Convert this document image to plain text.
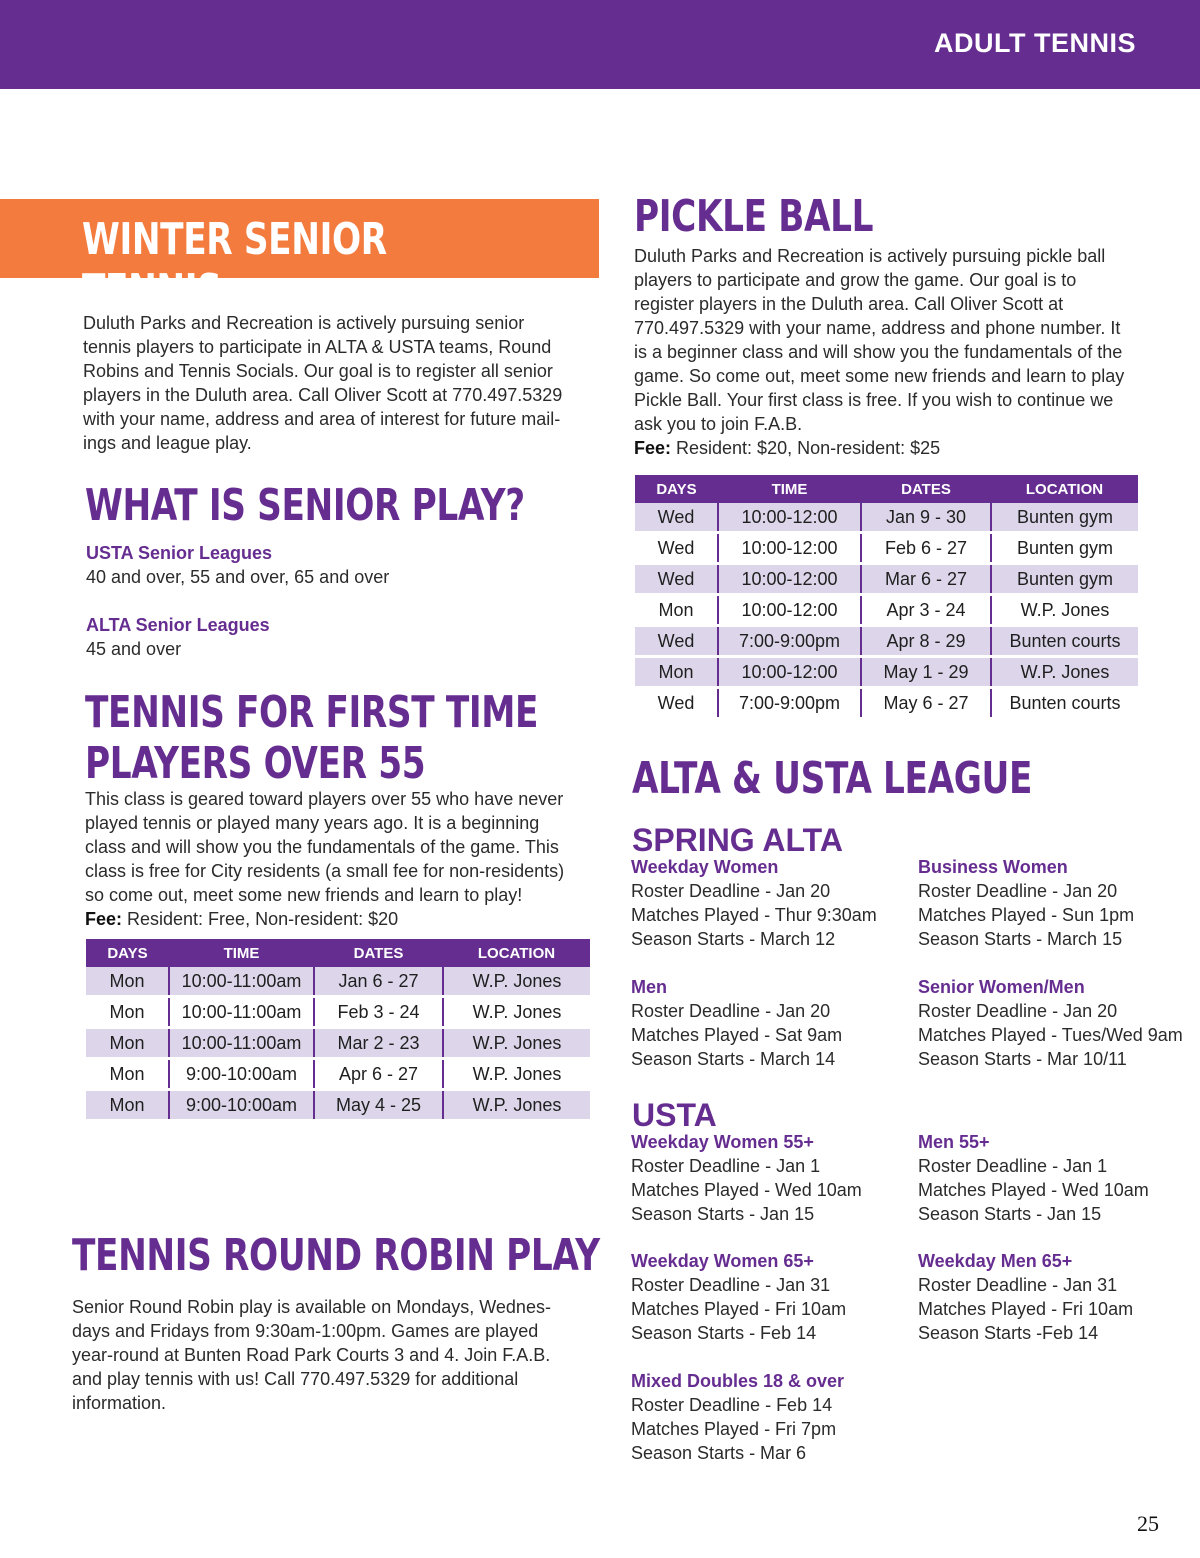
ADULT TENNIS
WINTER SENIOR TENNIS

Duluth Parks and Recreation is actively pursuing senior tennis players to participate in ALTA & USTA teams, Round Robins and Tennis Socials. Our goal is to register all senior players in the Duluth area. Call Oliver Scott at 770.497.5329 with your name, address and area of interest for future mail-ings and league play.

WHAT IS SENIOR PLAY?
USTA Senior Leagues
40 and over, 55 and over, 65 and over
ALTA Senior Leagues
45 and over
TENNIS FOR FIRST TIME
PLAYERS OVER 55

This class is geared toward players over 55 who have never played tennis or played many years ago. It is a beginning class and will show you the fundamentals of the game. This class is free for City residents (a small fee for non-residents) so come out, meet some new friends and learn to play!
Fee: Resident: Free, Non-resident: $20

DAYS	TIME	DATES	LOCATION
Mon	10:00-11:00am	Jan 6 - 27	W.P. Jones
Mon	10:00-11:00am	Feb 3 - 24	W.P. Jones
Mon	10:00-11:00am	Mar 2 - 23	W.P. Jones
Mon	9:00-10:00am	Apr 6 - 27	W.P. Jones
Mon	9:00-10:00am	May 4 - 25	W.P. Jones
TENNIS ROUND ROBIN PLAY

Senior Round Robin play is available on Mondays, Wednes-days and Fridays from 9:30am-1:00pm. Games are played year-round at Bunten Road Park Courts 3 and 4. Join F.A.B. and play tennis with us! Call 770.497.5329 for additional information.

PICKLE BALL

Duluth Parks and Recreation is actively pursuing pickle ball players to participate and grow the game. Our goal is to register players in the Duluth area. Call Oliver Scott at 770.497.5329 with your name, address and phone number. It is a beginner class and will show you the fundamentals of the game. So come out, meet some new friends and learn to play Pickle Ball. Your first class is free. If you wish to continue we ask you to join F.A.B.
Fee: Resident: $20, Non-resident: $25

DAYS	TIME	DATES	LOCATION
Wed	10:00-12:00	Jan 9 - 30	Bunten gym
Wed	10:00-12:00	Feb 6 - 27	Bunten gym
Wed	10:00-12:00	Mar 6 - 27	Bunten gym
Mon	10:00-12:00	Apr 3 - 24	W.P. Jones
Wed	7:00-9:00pm	Apr 8 - 29	Bunten courts
Mon	10:00-12:00	May 1 - 29	W.P. Jones
Wed	7:00-9:00pm	May 6 - 27	Bunten courts
ALTA & USTA LEAGUE
SPRING ALTA
Weekday Women
Roster Deadline - Jan 20
Matches Played - Thur 9:30am
Season Starts - March 12
Business Women
Roster Deadline - Jan 20
Matches Played - Sun 1pm
Season Starts - March 15
Men
Roster Deadline - Jan 20
Matches Played - Sat 9am
Season Starts - March 14
Senior Women/Men
Roster Deadline - Jan 20
Matches Played - Tues/Wed 9am
Season Starts - Mar 10/11
USTA
Weekday Women 55+
Roster Deadline - Jan 1
Matches Played - Wed 10am
Season Starts - Jan 15
Men 55+
Roster Deadline - Jan 1
Matches Played - Wed 10am
Season Starts - Jan 15
Weekday Women 65+
Roster Deadline - Jan 31
Matches Played - Fri 10am
Season Starts - Feb 14
Weekday Men 65+
Roster Deadline - Jan 31
Matches Played - Fri 10am
Season Starts -Feb 14
Mixed Doubles 18 & over
Roster Deadline - Feb 14
Matches Played - Fri 7pm
Season Starts - Mar 6
25
